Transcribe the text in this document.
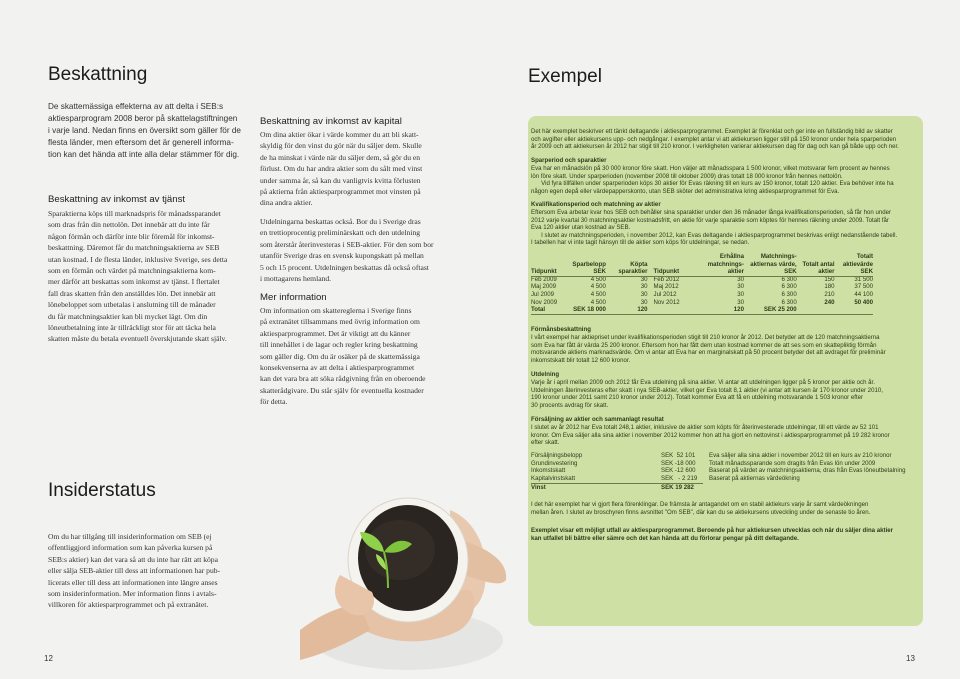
Beskattning
De skattemässiga effekterna av att delta i SEB:s
aktiesparprogram 2008 beror på skattelagstiftningen
i varje land. Nedan finns en översikt som gäller för de
flesta länder, men eftersom det är generell informa-
tion kan det hända att inte alla delar stämmer för dig.
Beskattning av inkomst av tjänst
Sparaktierna köps till marknadspris för månadssparandet
som dras från din nettolön. Det innebär att du inte får
någon förmån och därför inte blir föremål för inkomst-
beskattning. Däremot får du matchningsaktierna av SEB
utan kostnad. I de flesta länder, inklusive Sverige, ses detta
som en förmån och värdet på matchningsaktierna kom-
mer därför att beskattas som inkomst av tjänst. I flertalet
fall dras skatten från den anställdes lön. Det innebär att
lönebeloppet som utbetalas i anslutning till de månader
du får matchningsaktier kan bli mycket lägt. Om din
löneutbetalning inte är tillräckligt stor för att täcka hela
skatten måste du betala eventuell överskjutande skatt själv.
Beskattning av inkomst av kapital
Om dina aktier ökar i värde kommer du att bli skatt-
skyldig för den vinst du gör när du säljer dem. Skulle
de ha minskat i värde när du säljer dem, så gör du en
förlust. Om du har andra aktier som du sålt med vinst
under samma år, så kan du vanligtvis kvitta förlusten
på aktierna från aktiesparprogrammet mot vinsten på
dina andra aktier.
Utdelningarna beskattas också. Bor du i Sverige dras
en trettioprocentig preliminärskatt och den utdelning
som återstår återinvesteras i SEB-aktier. För den som bor
utanför Sverige dras en svensk kupongskatt på mellan
5 och 15 procent. Utdelningen beskattas då också oftast
i mottagarens hemland.
Mer information
Om information om skattereglerna i Sverige finns
på extranätet tillsammans med övrig information om
aktiesparprogrammet. Det är viktigt att du känner
till innehållet i de lagar och regler kring beskattning
som gäller dig. Om du är osäker på de skattemässiga
konsekvenserna av att delta i aktiesparprogrammet
kan det vara bra att söka rådgivning från en oberoende
skatterådgivare. Du står själv för eventuella kostnader
för detta.
Insiderstatus
Om du har tillgång till insiderinformation om SEB (ej
offentliggjord information som kan påverka kursen på
SEB:s aktier) kan det vara så att du inte har rätt att köpa
eller sälja SEB-aktier till dess att informationen har pub-
licerats eller till dess att informationen inte längre anses
som insiderinformation. Mer information finns i avtals-
villkoren för aktiesparprogrammet och på extranätet.
12
Exempel
Det här exemplet beskriver ett tänkt deltagande i aktiesparprogrammet. Exemplet är förenklat och ger inte en fullständig bild av skatter
och avgifter eller aktiekursens upp- och nedgångar. I exemplet antar vi att aktiekursen ligger still på 150 kronor under hela sparperioden
år 2009 och att aktiekursen år 2012 har stigit till 210 kronor. I verkligheten varierar aktiekursen dag för dag och kan gå både upp och ner.
Sparperiod och sparaktier
Eva har en månadslön på 30 000 kronor före skatt. Hon väljer att månadsspara 1 500 kronor, vilket motsvarar fem procent av hennes
lön före skatt. Under sparperioden (november 2008 till oktober 2009) dras totalt 18 000 kronor från hennes nettolön.
Vid fyra tillfällen under sparperioden köps 30 aktier för Evas räkning till en kurs av 150 kronor, totalt 120 aktier. Eva behöver inte ha
någon egen depå eller värdepapperskonto, utan SEB sköter det administrativa kring aktiesparprogrammet för Eva.
Kvalifikationsperiod och matchning av aktier
Eftersom Eva arbetar kvar hos SEB och behåller sina sparaktier under den 36 månader långa kvalifikationsperioden, så får hon under
2012 varje kvartal 30 matchningsaktier kostnadsfritt, en aktie för varje sparaktie som köptes för hennes räkning under 2009. Totalt får
Eva 120 aktier utan kostnad av SEB.
I slutet av matchningsperioden, i november 2012, kan Evas deltagande i aktiesparprogrammet beskrivas enligt nedanstående tabell.
I tabellen har vi inte tagit hänsyn till de aktier som köps för utdelningar, se nedan.
Tidpunkt	Sparbelopp SEK	Köpta sparaktier	Tidpunkt	Erhållna matchnings- aktier	Matchnings- aktiernas värde, SEK	Totalt antal aktier	Totalt aktievärde SEK
Feb 2009	4 500	30	Feb 2012	30	6 300	150	31 500
Maj 2009	4 500	30	Maj 2012	30	6 300	180	37 500
Jul 2009	4 500	30	Jul 2012	30	6 300	210	44 100
Nov 2009	4 500	30	Nov 2012	30	6 300	240	50 400
Total	SEK 18 000	120		120	SEK 25 200		
Förmånsbeskattning
I vårt exempel har aktiepriset under kvalifikationsperioden stigit till 210 kronor år 2012. Det betyder att de 120 matchningsaktierna
som Eva har fått är värda 25 200 kronor. Eftersom hon har fått dem utan kostnad kommer de att ses som en skattepliktig förmån
motsvarande aktiens marknadsvärde. Om vi antar att Eva har en marginalskatt på 50 procent betyder det att avdraget för preliminär
inkomstskatt blir totalt 12 600 kronor.
Utdelning
Varje år i april mellan 2009 och 2012 får Eva utdelning på sina aktier. Vi antar att utdelningen ligger på 5 kronor per aktie och år.
Utdelningen återinvesteras efter skatt i nya SEB-aktier, vilket ger Eva totalt 8,1 aktier (vi antar att kursen är 170 kronor under 2010,
190 kronor under 2011 samt 210 kronor under 2012). Totalt kommer Eva att få en utdelning motsvarande 1 503 kronor efter
30 procents avdrag för skatt.
Försäljning av aktier och sammanlagt resultat
I slutet av år 2012 har Eva totalt 248,1 aktier, inklusive de aktier som köpts för återinvesterade utdelningar, till ett värde av 52 101
kronor. Om Eva säljer alla sina aktier i november 2012 kommer hon att ha gjort en nettovinst i aktiesparprogrammet på 19 282 kronor
efter skatt.
Försäljningsbelopp	SEK  52 101	Eva säljer alla sina aktier i november 2012 till en kurs av 210 kronor
Grundinvestering	SEK -18 000	Totalt månadssparande som dragits från Evas lön under 2009
Inkomstskatt	SEK -12 600	Baserat på värdet av matchningsaktierna, dras från Evas löneutbetalning
Kapitalvinstskatt	SEK   - 2 219	Baserat på aktiernas värdeökning
Vinst	SEK 19 282	
I det här exemplet har vi gjort flera förenklingar. De främsta är antagandet om en stabil aktiekurs varje år samt värdeökningen
mellan åren. I slutet av broschyren finns avsnittet "Om SEB", där kan du se aktiekursens utveckling under de senaste tio åren.
Exemplet visar ett möjligt utfall av aktiesparprogrammet. Beroende på hur aktiekursen utvecklas och när du säljer dina aktier
kan utfallet bli bättre eller sämre och det kan hända att du förlorar pengar på ditt deltagande.
13
